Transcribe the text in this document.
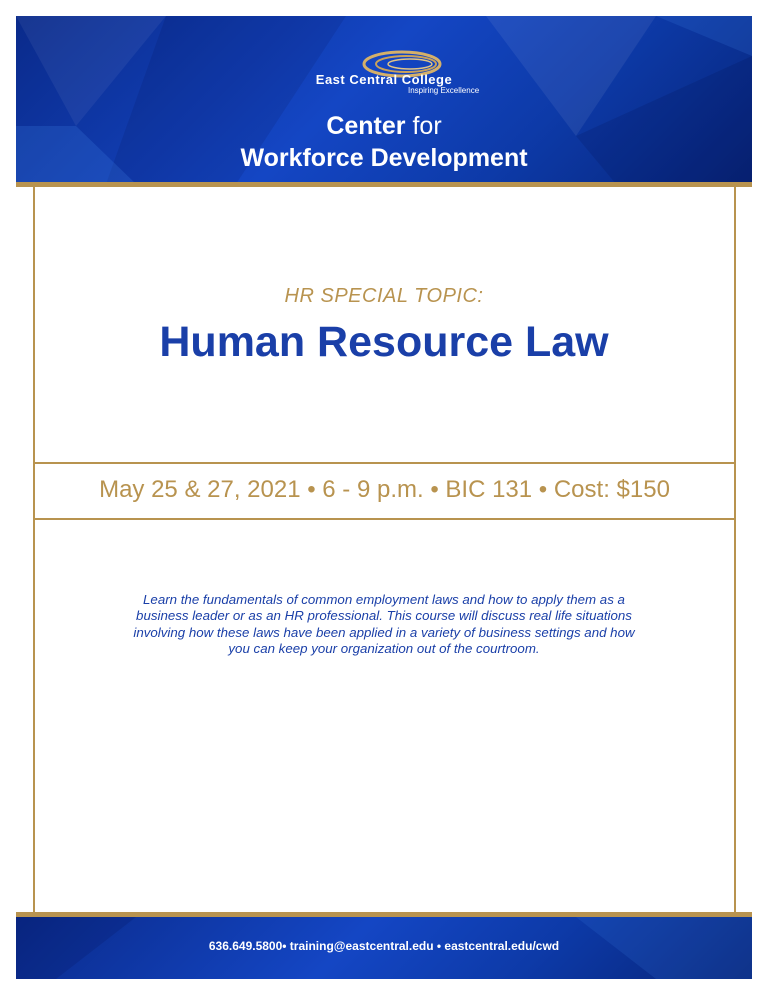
East Central College
Inspiring Excellence
Center for
Workforce Development
HR SPECIAL TOPIC:
Human Resource Law
May 25 & 27, 2021 • 6 - 9 p.m. • BIC 131 • Cost: $150
Learn the fundamentals of common employment laws and how to apply them as a business leader or as an HR professional. This course will discuss real life situations involving how these laws have been applied in a variety of business settings and how you can keep your organization out of the courtroom.
636.649.5800• training@eastcentral.edu • eastcentral.edu/cwd
